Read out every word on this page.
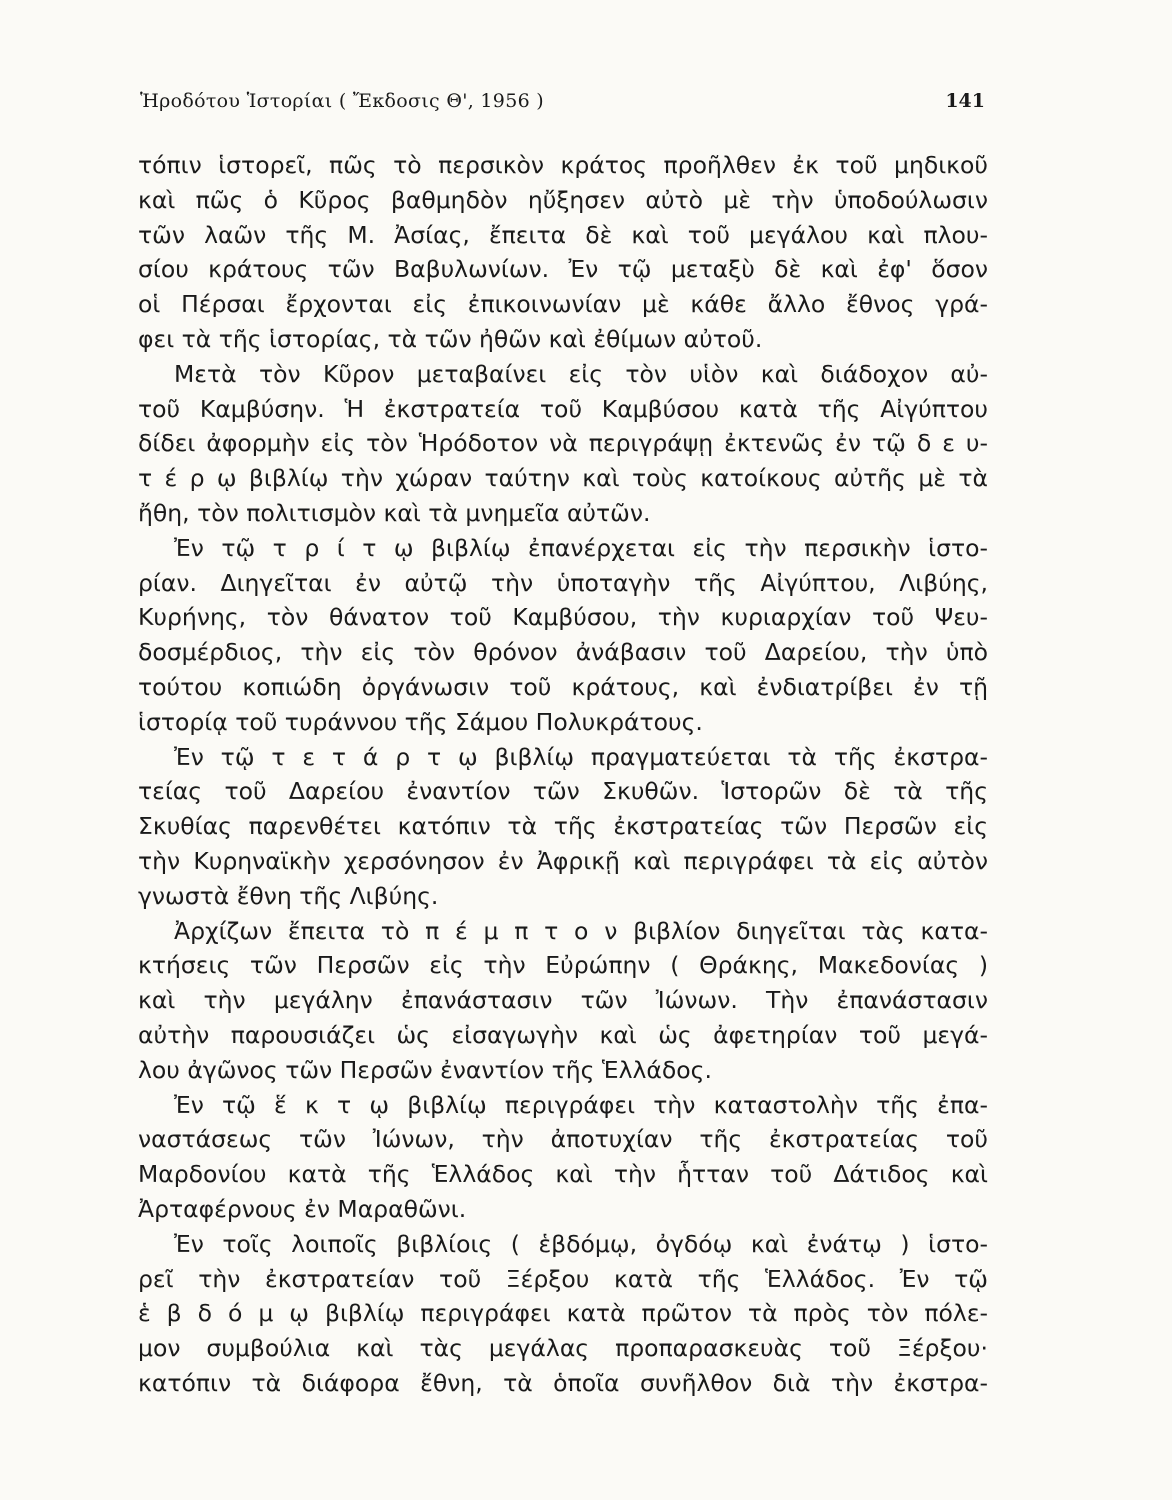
Ἡροδότου Ἱστορίαι ( Ἔκδοσις Θ', 1956 )	141
τόπιν ἱστορεῖ, πῶς τὸ περσικὸν κράτος προῆλθεν ἐκ τοῦ μηδικοῦ
καὶ πῶς ὁ Κῦρος βαθμηδὸν ηὔξησεν αὐτὸ μὲ τὴν ὑποδούλωσιν
τῶν λαῶν τῆς Μ. Ἀσίας, ἔπειτα δὲ καὶ τοῦ μεγάλου καὶ πλου-
σίου κράτους τῶν Βαβυλωνίων. Ἐν τῷ μεταξὺ δὲ καὶ ἐφ' ὅσον
οἱ Πέρσαι ἔρχονται εἰς ἐπικοινωνίαν μὲ κάθε ἄλλο ἔθνος γρά-
φει τὰ τῆς ἱστορίας, τὰ τῶν ἠθῶν καὶ ἐθίμων αὐτοῦ.
Μετὰ τὸν Κῦρον μεταβαίνει εἰς τὸν υἱὸν καὶ διάδοχον αὐ-
τοῦ Καμβύσην. Ἡ ἐκστρατεία τοῦ Καμβύσου κατὰ τῆς Αἰγύπτου
δίδει ἀφορμὴν εἰς τὸν Ἡρόδοτον νὰ περιγράψῃ ἐκτενῶς ἐν τῷ δ ε υ-
τ έ ρ ῳ βιβλίῳ τὴν χώραν ταύτην καὶ τοὺς κατοίκους αὐτῆς μὲ τὰ
ἤθη, τὸν πολιτισμὸν καὶ τὰ μνημεῖα αὐτῶν.
Ἐν τῷ τ ρ ί τ ῳ βιβλίῳ ἐπανέρχεται εἰς τὴν περσικὴν ἱστο-
ρίαν. Διηγεῖται ἐν αὐτῷ τὴν ὑποταγὴν τῆς Αἰγύπτου, Λιβύης,
Κυρήνης, τὸν θάνατον τοῦ Καμβύσου, τὴν κυριαρχίαν τοῦ Ψευ-
δοσμέρδιος, τὴν εἰς τὸν θρόνον ἀνάβασιν τοῦ Δαρείου, τὴν ὑπὸ
τούτου κοπιώδη ὀργάνωσιν τοῦ κράτους, καὶ ἐνδιατρίβει ἐν τῇ
ἱστορίᾳ τοῦ τυράννου τῆς Σάμου Πολυκράτους.
Ἐν τῷ τ ε τ ά ρ τ ῳ βιβλίῳ πραγματεύεται τὰ τῆς ἐκστρα-
τείας τοῦ Δαρείου ἐναντίον τῶν Σκυθῶν. Ἱστορῶν δὲ τὰ τῆς
Σκυθίας παρενθέτει κατόπιν τὰ τῆς ἐκστρατείας τῶν Περσῶν εἰς
τὴν Κυρηναϊκὴν χερσόνησον ἐν Ἀφρικῇ καὶ περιγράφει τὰ εἰς αὐτὸν
γνωστὰ ἔθνη τῆς Λιβύης.
Ἀρχίζων ἔπειτα τὸ π έ μ π τ ο ν βιβλίον διηγεῖται τὰς κατα-
κτήσεις τῶν Περσῶν εἰς τὴν Εὐρώπην ( Θράκης, Μακεδονίας )
καὶ τὴν μεγάλην ἐπανάστασιν τῶν Ἰώνων. Τὴν ἐπανάστασιν
αὐτὴν παρουσιάζει ὡς εἰσαγωγὴν καὶ ὡς ἀφετηρίαν τοῦ μεγά-
λου ἀγῶνος τῶν Περσῶν ἐναντίον τῆς Ἑλλάδος.
Ἐν τῷ ἕ κ τ ῳ βιβλίῳ περιγράφει τὴν καταστολὴν τῆς ἐπα-
ναστάσεως τῶν Ἰώνων, τὴν ἀποτυχίαν τῆς ἐκστρατείας τοῦ
Μαρδονίου κατὰ τῆς Ἑλλάδος καὶ τὴν ἧτταν τοῦ Δάτιδος καὶ
Ἀρταφέρνους ἐν Μαραθῶνι.
Ἐν τοῖς λοιποῖς βιβλίοις ( ἑβδόμῳ, ὀγδόῳ καὶ ἐνάτῳ ) ἱστο-
ρεῖ τὴν ἐκστρατείαν τοῦ Ξέρξου κατὰ τῆς Ἑλλάδος. Ἐν τῷ
ἑ β δ ό μ ῳ βιβλίῳ περιγράφει κατὰ πρῶτον τὰ πρὸς τὸν πόλε-
μον συμβούλια καὶ τὰς μεγάλας προπαρασκευὰς τοῦ Ξέρξου·
κατόπιν τὰ διάφορα ἔθνη, τὰ ὁποῖα συνῆλθον διὰ τὴν ἐκστρα-
